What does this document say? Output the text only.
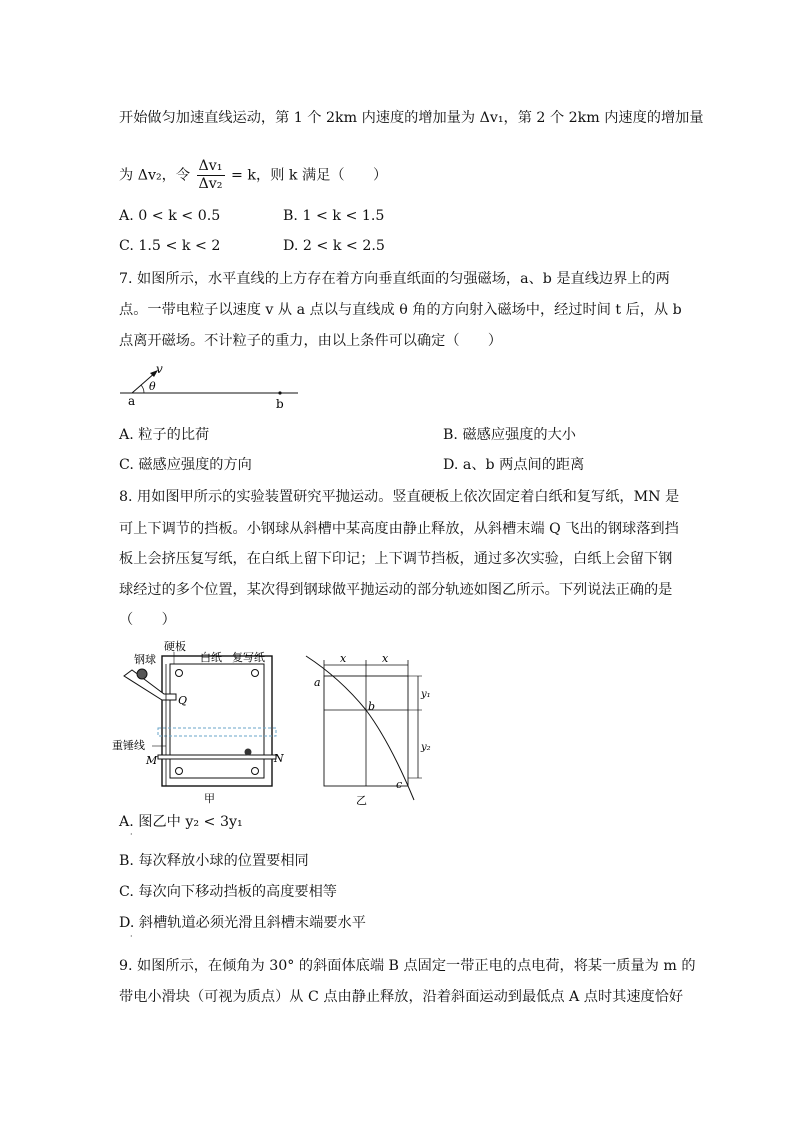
开始做匀加速直线运动，第 1 个 2km 内速度的增加量为 Δv₁，第 2 个 2km 内速度的增加量
为 Δv₂，令 $\frac{\text{Δv₁}}{\text{Δv₂}} = k$，则 k 满足（　　）
A. 0 < k < 0.5	B. 1 < k < 1.5
C. 1.5 < k < 2	D. 2 < k < 2.5
7. 如图所示，水平直线的上方存在着方向垂直纸面的匀强磁场，a、b 是直线边界上的两
点。一带电粒子以速度 v 从 a 点以与直线成 θ 角的方向射入磁场中，经过时间 t 后，从 b
点离开磁场。不计粒子的重力，由以上条件可以确定（　　）
v
θ
a	b
A. 粒子的比荷	B. 磁感应强度的大小
C. 磁感应强度的方向	D. a、b 两点间的距离
8. 用如图甲所示的实验装置研究平抛运动。竖直硬板上依次固定着白纸和复写纸，MN 是
可上下调节的挡板。小钢球从斜槽中某高度由静止释放，从斜槽末端 Q 飞出的钢球落到挡
板上会挤压复写纸，在白纸上留下印记；上下调节挡板，通过多次实验，白纸上会留下钢
球经过的多个位置，某次得到钢球做平抛运动的部分轨迹如图乙所示。下列说法正确的是
（　　）
钢球
硬板
白纸 复写纸
Q
重锤线
M	N
甲
x	x
y₁
y₂
a
b
c
乙
A. 图乙中 y₂ < 3y₁
·
B. 每次释放小球的位置要相同
C. 每次向下移动挡板的高度要相等
D. 斜槽轨道必须光滑且斜槽末端要水平
·
9. 如图所示，在倾角为 30° 的斜面体底端 B 点固定一带正电的点电荷，将某一质量为 m 的
带电小滑块（可视为质点）从 C 点由静止释放，沿着斜面运动到最低点 A 点时其速度恰好
